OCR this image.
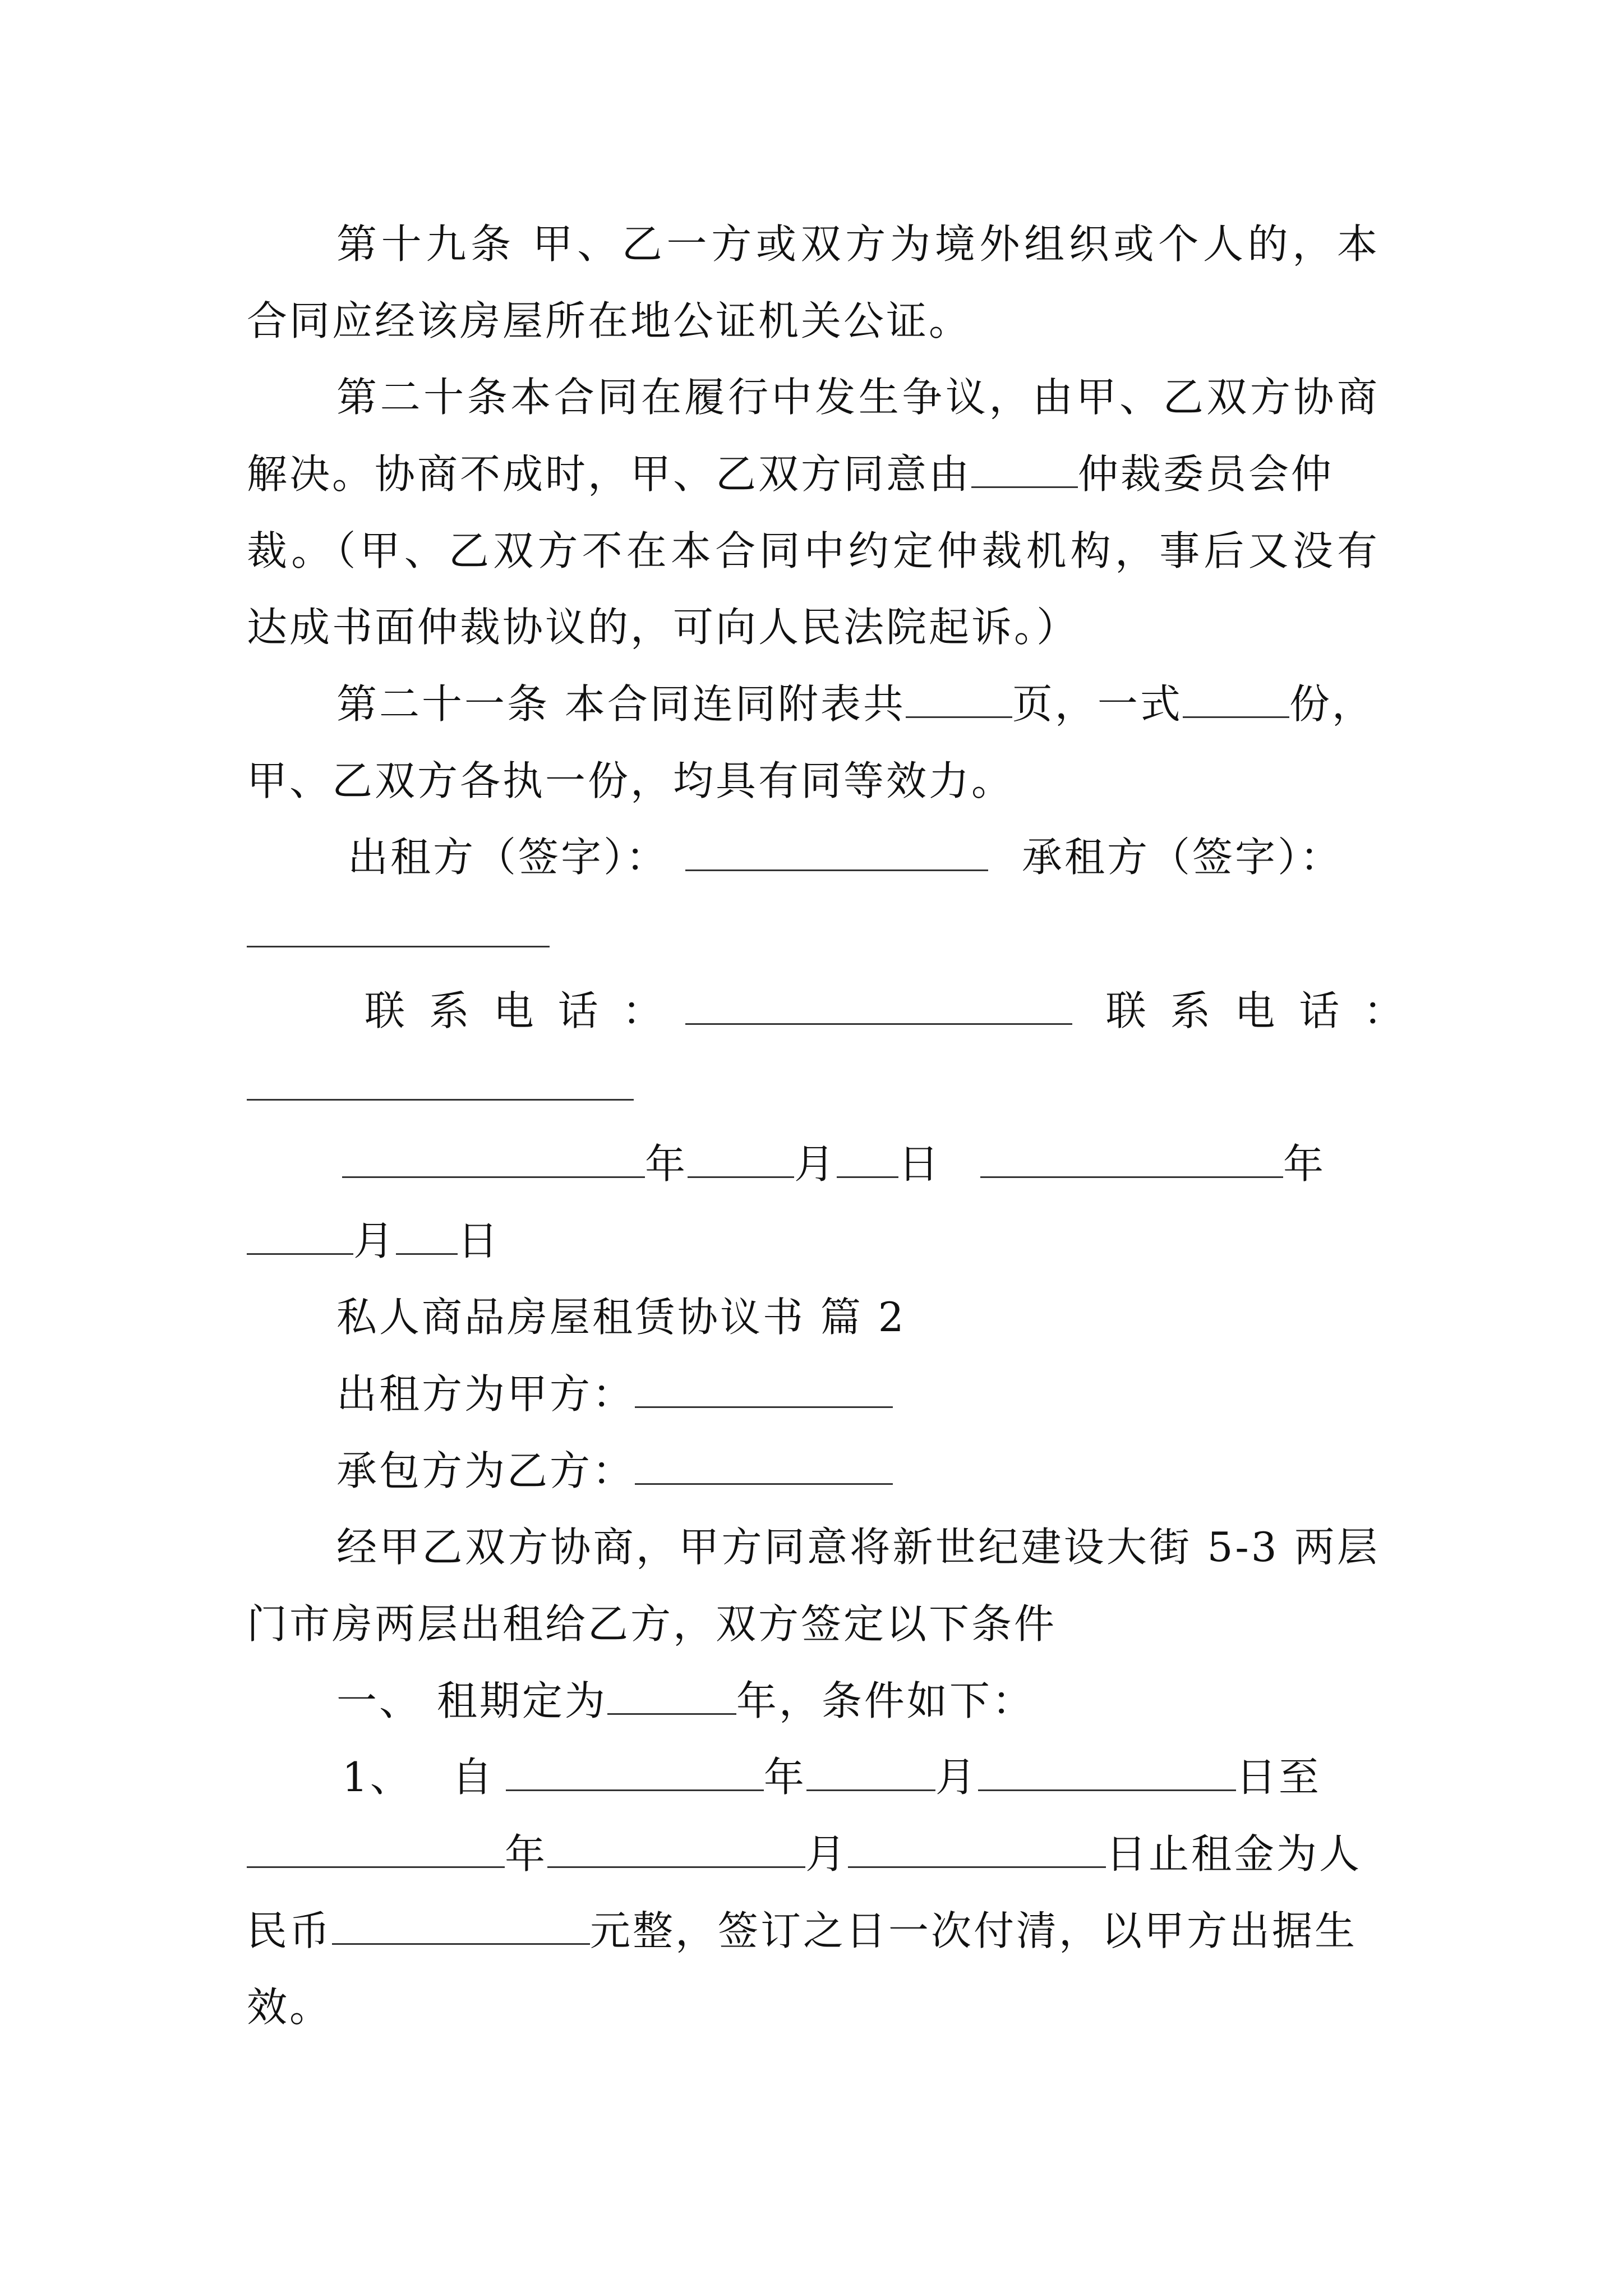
第十九条 甲、乙一方或双方为境外组织或个人的，本
合同应经该房屋所在地公证机关公证。
第二十条本合同在履行中发生争议，由甲、乙双方协商
解决。协商不成时，甲、乙双方同意由	仲裁委员会仲
裁。（甲、乙双方不在本合同中约定仲裁机构，事后又没有
达成书面仲裁协议的，可向人民法院起诉。）
第二十一条 本合同连同附表共	页，一式	份，
甲、乙双方各执一份，均具有同等效力。
出租方（签字）：	承租方（签字）：
联 系 电 话 ：	联 系 电 话 ：
年	月 日	年
月 日
私人商品房屋租赁协议书 篇 2
出租方为甲方：
承包方为乙方：
经甲乙双方协商，甲方同意将新世纪建设大街 5-3 两层
门市房两层出租给乙方，双方签定以下条件
一、 租期定为	年，条件如下：
1、 自	年	月	日至
年	月	日止租金为人
民币	元整，签订之日一次付清，以甲方出据生
效。
